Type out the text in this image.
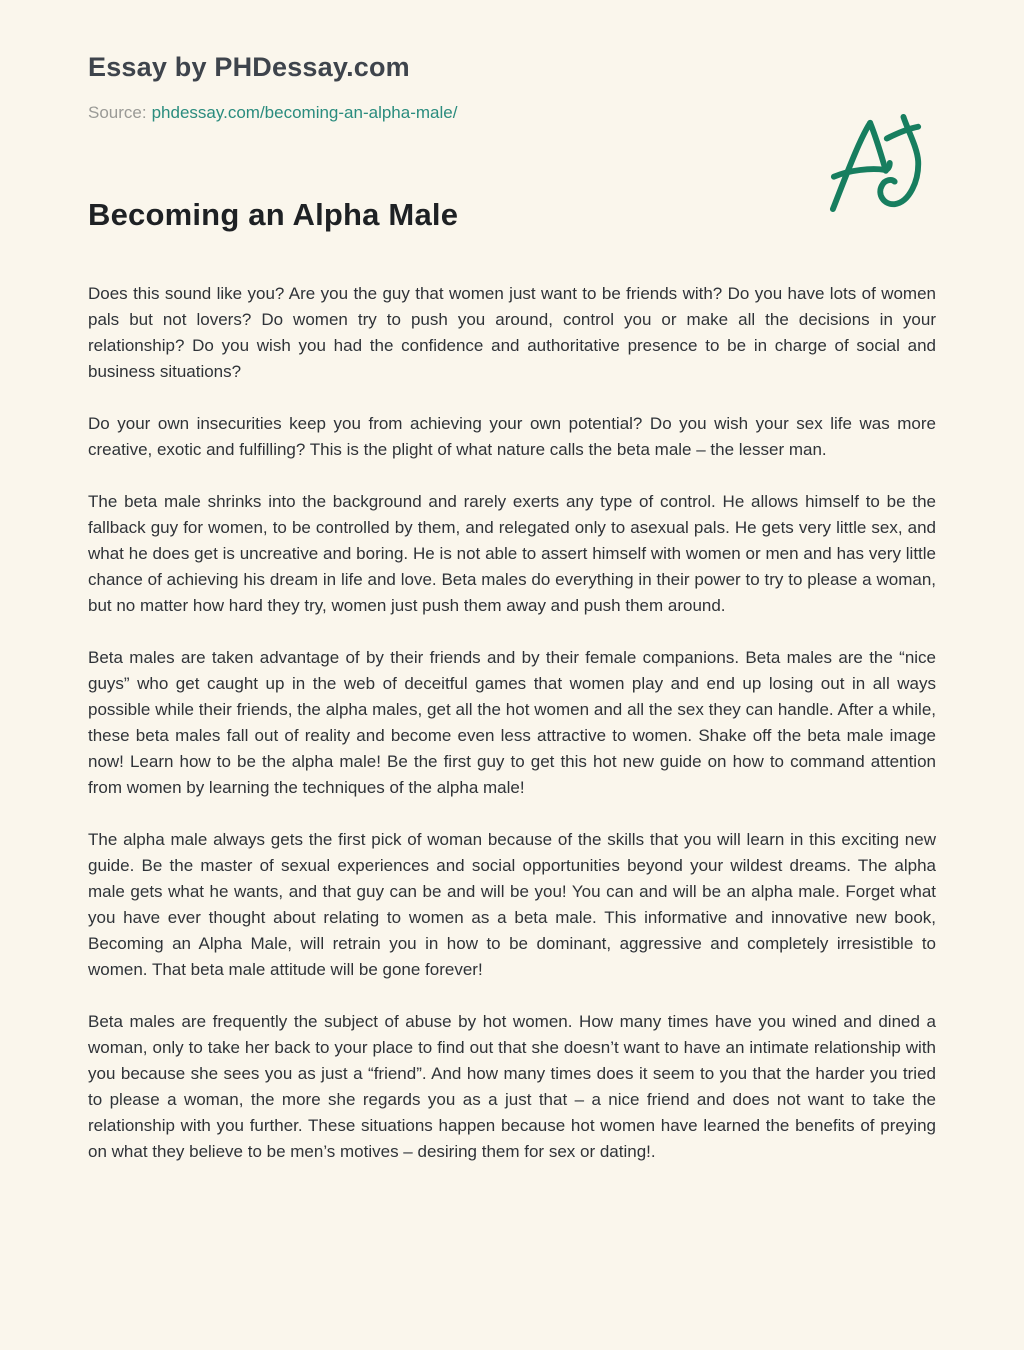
Essay by PHDessay.com

Source: phdessay.com/becoming-an-alpha-male/

Becoming an Alpha Male

Does this sound like you? Are you the guy that women just want to be friends with? Do you have lots of women pals but not lovers? Do women try to push you around, control you or make all the decisions in your relationship? Do you wish you had the confidence and authoritative presence to be in charge of social and business situations?

Do your own insecurities keep you from achieving your own potential? Do you wish your sex life was more creative, exotic and fulfilling? This is the plight of what nature calls the beta male – the lesser man.

The beta male shrinks into the background and rarely exerts any type of control. He allows himself to be the fallback guy for women, to be controlled by them, and relegated only to asexual pals. He gets very little sex, and what he does get is uncreative and boring. He is not able to assert himself with women or men and has very little chance of achieving his dream in life and love. Beta males do everything in their power to try to please a woman, but no matter how hard they try, women just push them away and push them around.

Beta males are taken advantage of by their friends and by their female companions. Beta males are the “nice guys” who get caught up in the web of deceitful games that women play and end up losing out in all ways possible while their friends, the alpha males, get all the hot women and all the sex they can handle. After a while, these beta males fall out of reality and become even less attractive to women. Shake off the beta male image now! Learn how to be the alpha male! Be the first guy to get this hot new guide on how to command attention from women by learning the techniques of the alpha male!

The alpha male always gets the first pick of woman because of the skills that you will learn in this exciting new guide. Be the master of sexual experiences and social opportunities beyond your wildest dreams. The alpha male gets what he wants, and that guy can be and will be you! You can and will be an alpha male. Forget what you have ever thought about relating to women as a beta male. This informative and innovative new book, Becoming an Alpha Male, will retrain you in how to be dominant, aggressive and completely irresistible to women. That beta male attitude will be gone forever!

Beta males are frequently the subject of abuse by hot women. How many times have you wined and dined a woman, only to take her back to your place to find out that she doesn’t want to have an intimate relationship with you because she sees you as just a “friend”. And how many times does it seem to you that the harder you tried to please a woman, the more she regards you as a just that – a nice friend and does not want to take the relationship with you further. These situations happen because hot women have learned the benefits of preying on what they believe to be men’s motives – desiring them for sex or dating!.
